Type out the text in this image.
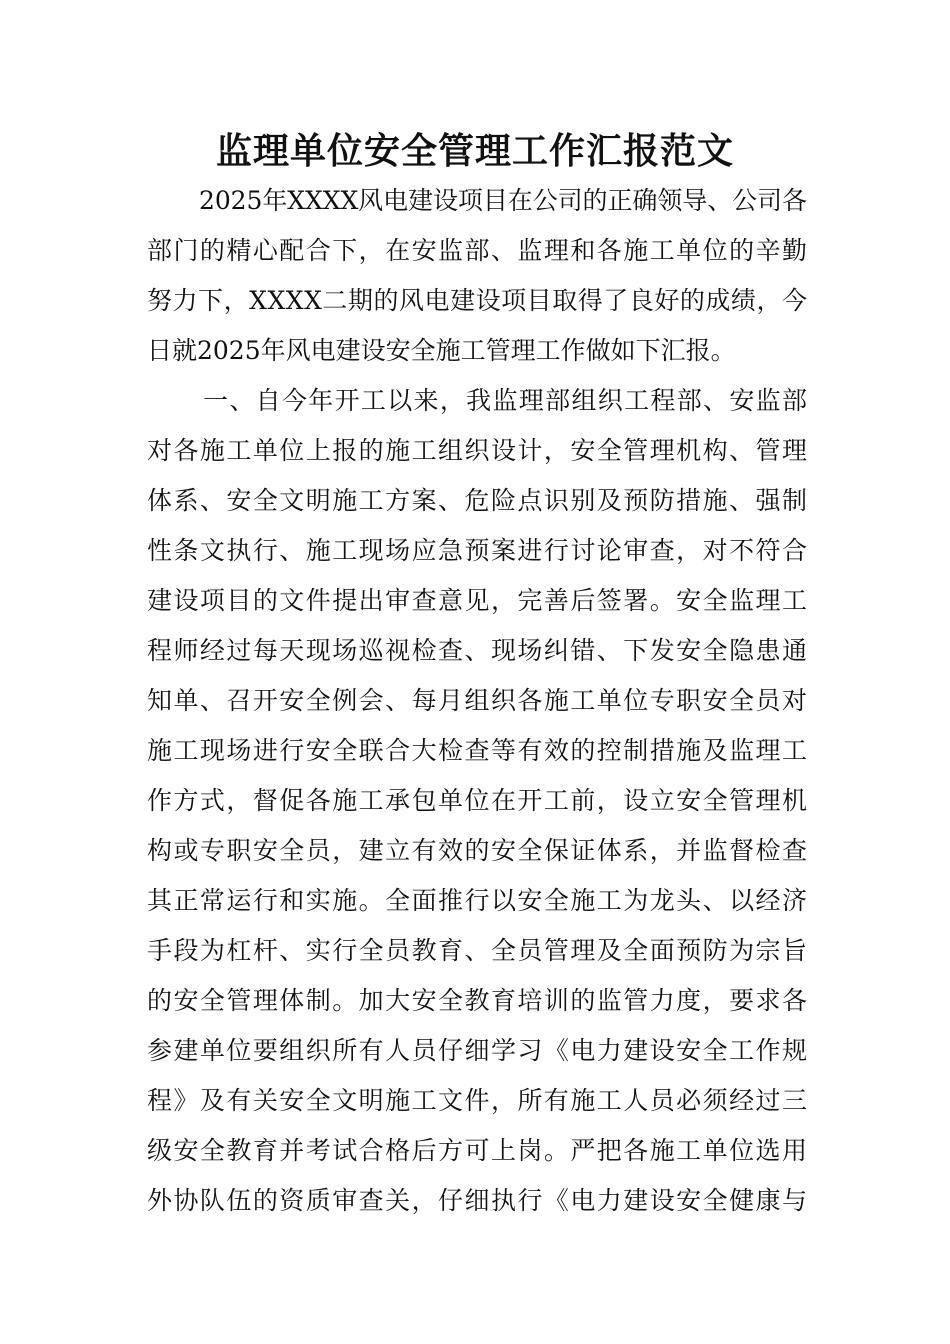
监理单位安全管理工作汇报范文
2025年XXXX风电建设项目在公司的正确领导、公司各
部门的精心配合下，在安监部、监理和各施工单位的辛勤
努力下，XXXX二期的风电建设项目取得了良好的成绩，今
日就2025年风电建设安全施工管理工作做如下汇报。
一、自今年开工以来，我监理部组织工程部、安监部
对各施工单位上报的施工组织设计，安全管理机构、管理
体系、安全文明施工方案、危险点识别及预防措施、强制
性条文执行、施工现场应急预案进行讨论审查，对不符合
建设项目的文件提出审查意见，完善后签署。安全监理工
程师经过每天现场巡视检查、现场纠错、下发安全隐患通
知单、召开安全例会、每月组织各施工单位专职安全员对
施工现场进行安全联合大检查等有效的控制措施及监理工
作方式，督促各施工承包单位在开工前，设立安全管理机
构或专职安全员，建立有效的安全保证体系，并监督检查
其正常运行和实施。全面推行以安全施工为龙头、以经济
手段为杠杆、实行全员教育、全员管理及全面预防为宗旨
的安全管理体制。加大安全教育培训的监管力度，要求各
参建单位要组织所有人员仔细学习《电力建设安全工作规
程》及有关安全文明施工文件，所有施工人员必须经过三
级安全教育并考试合格后方可上岗。严把各施工单位选用
外协队伍的资质审查关，仔细执行《电力建设安全健康与
